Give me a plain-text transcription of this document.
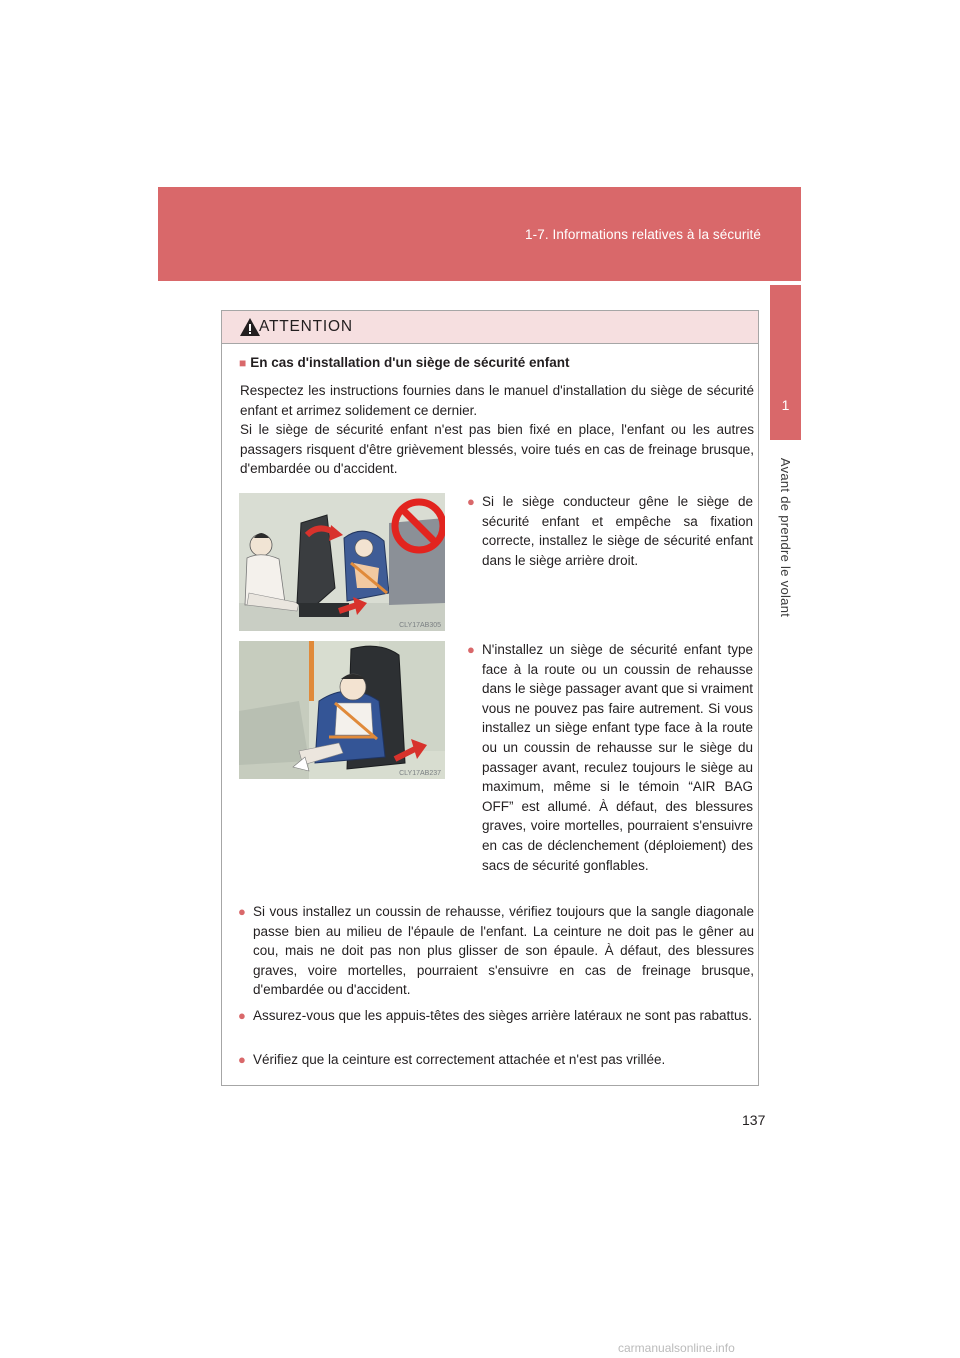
1-7. Informations relatives à la sécurité
1
Avant de prendre le volant
ATTENTION
■ En cas d'installation d'un siège de sécurité enfant

Respectez les instructions fournies dans le manuel d'installation du siège de sécurité enfant et arrimez solidement ce dernier.

Si le siège de sécurité enfant n'est pas bien fixé en place, l'enfant ou les autres passagers risquent d'être grièvement blessés, voire tués en cas de freinage brusque, d'embardée ou d'accident.

CLY17AB305
● Si le siège conducteur gêne le siège de sécurité enfant et empêche sa fixation correcte, installez le siège de sécurité enfant dans le siège arrière droit.
CLY17AB237
● N'installez un siège de sécurité enfant type face à la route ou un coussin de rehausse dans le siège passager avant que si vraiment vous ne pouvez pas faire autrement. Si vous installez un siège enfant type face à la route ou un coussin de rehausse sur le siège du passager avant, reculez toujours le siège au maximum, même si le témoin “AIR BAG OFF” est allumé. À défaut, des blessures graves, voire mortelles, pourraient s'ensuivre en cas de déclenchement (déploiement) des sacs de sécurité gonflables.
● Si vous installez un coussin de rehausse, vérifiez toujours que la sangle diagonale passe bien au milieu de l'épaule de l'enfant. La ceinture ne doit pas le gêner au cou, mais ne doit pas non plus glisser de son épaule. À défaut, des blessures graves, voire mortelles, pourraient s'ensuivre en cas de freinage brusque, d'embardée ou d'accident.
● Assurez-vous que les appuis-têtes des sièges arrière latéraux ne sont pas rabattus.
● Vérifiez que la ceinture est correctement attachée et n'est pas vrillée.
137
carmanualsonline.info
